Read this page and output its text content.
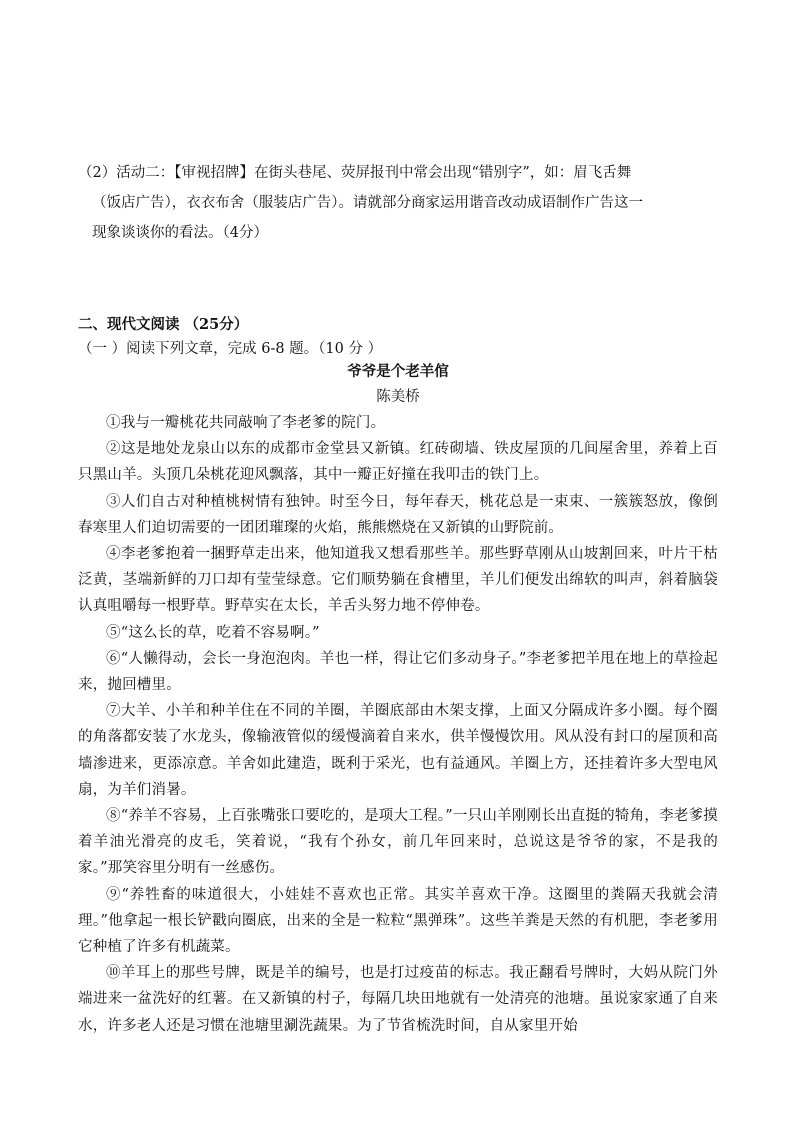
（2）活动二：【审视招牌】在街头巷尾、荧屏报刊中常会出现“错别字”，如：眉飞舌舞
（饭店广告），衣衣布舍（服装店广告）。请就部分商家运用谐音改动成语制作广告这一
现象谈谈你的看法。（4分）
二、现代文阅读 （25分）
（一 ）阅读下列文章，完成 6-8 题。（10 分 ）
爷爷是个老羊倌
陈美桥

①我与一瓣桃花共同敲响了李老爹的院门。

②这是地处龙泉山以东的成都市金堂县又新镇。红砖砌墙、铁皮屋顶的几间屋舍里，养着上百只黑山羊。头顶几朵桃花迎风飘落，其中一瓣正好撞在我叩击的铁门上。

③人们自古对种植桃树情有独钟。时至今日，每年春天，桃花总是一束束、一簇簇怒放，像倒春寒里人们迫切需要的一团团璀璨的火焰，熊熊燃烧在又新镇的山野院前。

④李老爹抱着一捆野草走出来，他知道我又想看那些羊。那些野草刚从山坡割回来，叶片干枯泛黄，茎端新鲜的刀口却有莹莹绿意。它们顺势躺在食槽里，羊儿们便发出绵软的叫声，斜着脑袋认真咀嚼每一根野草。野草实在太长，羊舌头努力地不停伸卷。

⑤“这么长的草，吃着不容易啊。”

⑥“人懒得动，会长一身泡泡肉。羊也一样，得让它们多动身子。”李老爹把羊甩在地上的草捡起来，抛回槽里。

⑦大羊、小羊和种羊住在不同的羊圈，羊圈底部由木架支撑，上面又分隔成许多小圈。每个圈的角落都安装了水龙头，像输液管似的缓慢滴着自来水，供羊慢慢饮用。风从没有封口的屋顶和高墙渗进来，更添凉意。羊舍如此建造，既利于采光，也有益通风。羊圈上方，还挂着许多大型电风扇，为羊们消暑。

⑧“养羊不容易，上百张嘴张口要吃的，是项大工程。”一只山羊刚刚长出直挺的犄角，李老爹摸着羊油光滑亮的皮毛，笑着说，“我有个孙女，前几年回来时，总说这是爷爷的家，不是我的家。”那笑容里分明有一丝感伤。

⑨“养牲畜的味道很大，小娃娃不喜欢也正常。其实羊喜欢干净。这圈里的粪隔天我就会清理。”他拿起一根长铲戳向圈底，出来的全是一粒粒“黑弹珠”。这些羊粪是天然的有机肥，李老爹用它种植了许多有机蔬菜。

⑩羊耳上的那些号牌，既是羊的编号，也是打过疫苗的标志。我正翻看号牌时，大妈从院门外端进来一盆洗好的红薯。在又新镇的村子，每隔几块田地就有一处清亮的池塘。虽说家家通了自来水，许多老人还是习惯在池塘里涮洗蔬果。为了节省梳洗时间，自从家里开始
